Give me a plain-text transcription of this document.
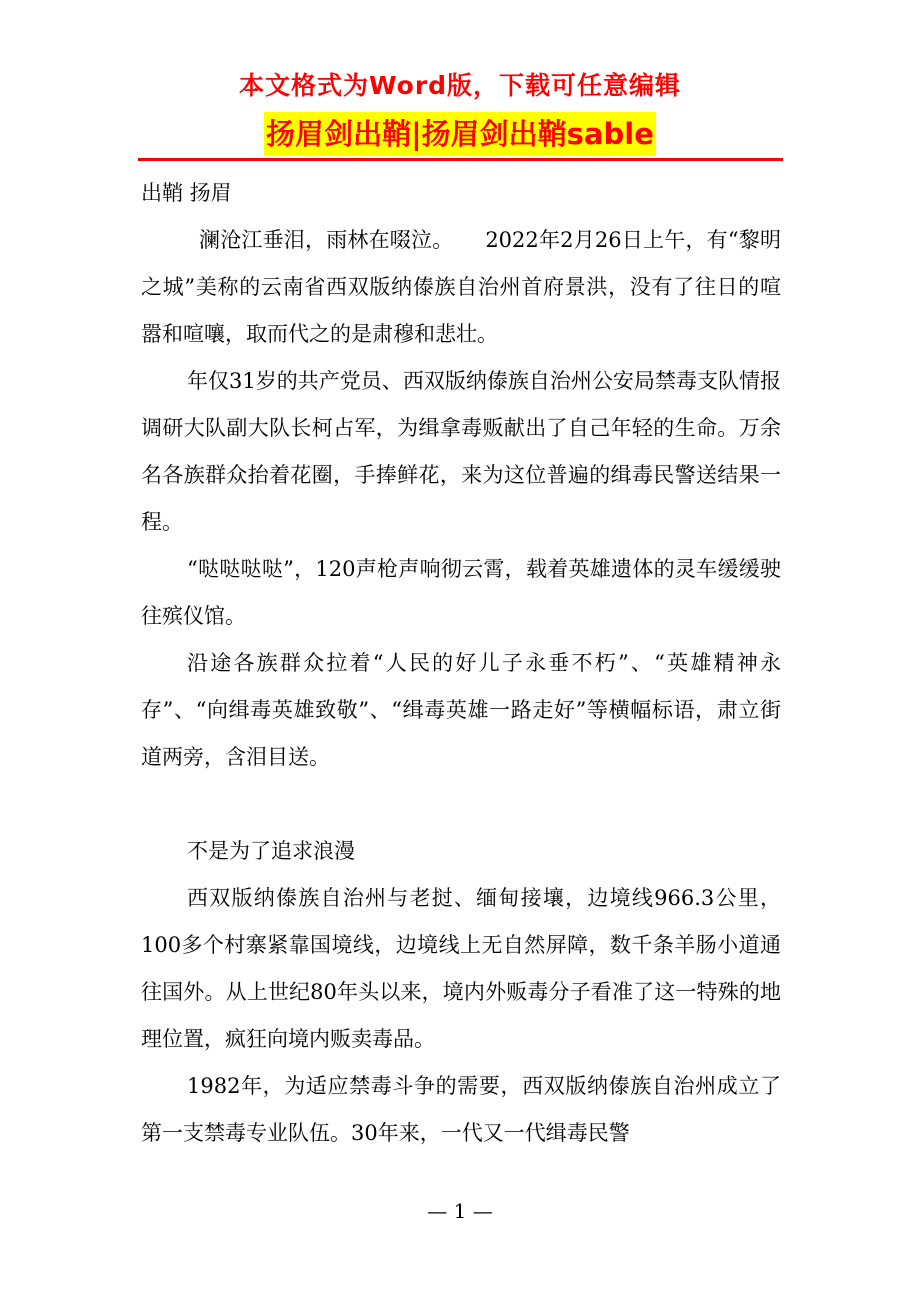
本文格式为Word版，下载可任意编辑
扬眉剑出鞘|扬眉剑出鞘sable

出鞘 扬眉

澜沧江垂泪，雨林在啜泣。　　2022年2月26日上午，有“黎明之城”美称的云南省西双版纳傣族自治州首府景洪，没有了往日的喧嚣和喧嚷，取而代之的是肃穆和悲壮。

年仅31岁的共产党员、西双版纳傣族自治州公安局禁毒支队情报调研大队副大队长柯占军，为缉拿毒贩献出了自己年轻的生命。万余名各族群众抬着花圈，手捧鲜花，来为这位普遍的缉毒民警送结果一程。

“哒哒哒哒”，120声枪声响彻云霄，载着英雄遗体的灵车缓缓驶往殡仪馆。

沿途各族群众拉着“人民的好儿子永垂不朽”、“英雄精神永存”、“向缉毒英雄致敬”、“缉毒英雄一路走好”等横幅标语，肃立街道两旁，含泪目送。

不是为了追求浪漫

西双版纳傣族自治州与老挝、缅甸接壤，边境线966.3公里，100多个村寨紧靠国境线，边境线上无自然屏障，数千条羊肠小道通往国外。从上世纪80年头以来，境内外贩毒分子看准了这一特殊的地理位置，疯狂向境内贩卖毒品。

1982年，为适应禁毒斗争的需要，西双版纳傣族自治州成立了第一支禁毒专业队伍。30年来，一代又一代缉毒民警

— 1 —
